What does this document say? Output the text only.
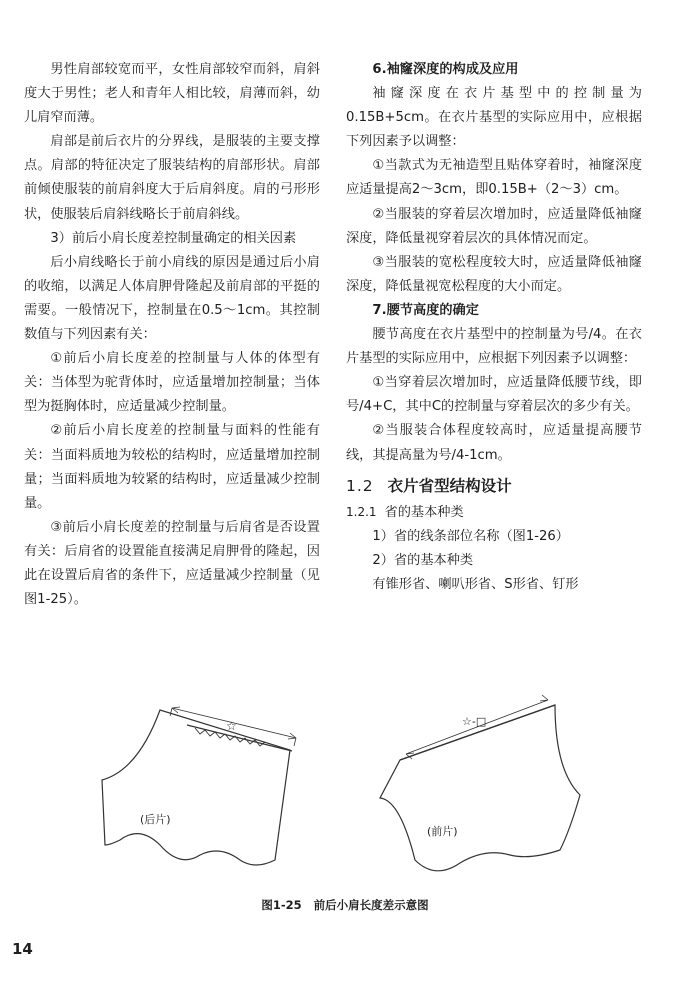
男性肩部较宽而平，女性肩部较窄而斜，肩斜度大于男性；老人和青年人相比较，肩薄而斜，幼儿肩窄而薄。

肩部是前后衣片的分界线，是服装的主要支撑点。肩部的特征决定了服装结构的肩部形状。肩部前倾使服装的前肩斜度大于后肩斜度。肩的弓形形状，使服装后肩斜线略长于前肩斜线。

3）前后小肩长度差控制量确定的相关因素

后小肩线略长于前小肩线的原因是通过后小肩的收缩，以满足人体肩胛骨隆起及前肩部的平挺的需要。一般情况下，控制量在0.5～1cm。其控制数值与下列因素有关：

①前后小肩长度差的控制量与人体的体型有关：当体型为驼背体时，应适量增加控制量；当体型为挺胸体时，应适量减少控制量。

②前后小肩长度差的控制量与面料的性能有关：当面料质地为较松的结构时，应适量增加控制量；当面料质地为较紧的结构时，应适量减少控制量。

③前后小肩长度差的控制量与后肩省是否设置有关：后肩省的设置能直接满足肩胛骨的隆起，因此在设置后肩省的条件下，应适量减少控制量（见图1-25）。

6.袖窿深度的构成及应用

袖窿深度在衣片基型中的控制量为0.15B+5cm。在衣片基型的实际应用中，应根据下列因素予以调整：

①当款式为无袖造型且贴体穿着时，袖窿深度应适量提高2～3cm，即0.15B+（2～3）cm。

②当服装的穿着层次增加时，应适量降低袖窿深度，降低量视穿着层次的具体情况而定。

③当服装的宽松程度较大时，应适量降低袖窿深度，降低量视宽松程度的大小而定。

7.腰节高度的确定

腰节高度在衣片基型中的控制量为号/4。在衣片基型的实际应用中，应根据下列因素予以调整：

①当穿着层次增加时，应适量降低腰节线，即号/4+C，其中C的控制量与穿着层次的多少有关。

②当服装合体程度较高时，应适量提高腰节线，其提高量为号/4-1cm。

1.2 衣片省型结构设计
1.2.1 省的基本种类

1）省的线条部位名称（图1-26）

2）省的基本种类

有锥形省、喇叭形省、S形省、钉形

☆	☆-□
(后片)
(前片)
图1-25 前后小肩长度差示意图
14
